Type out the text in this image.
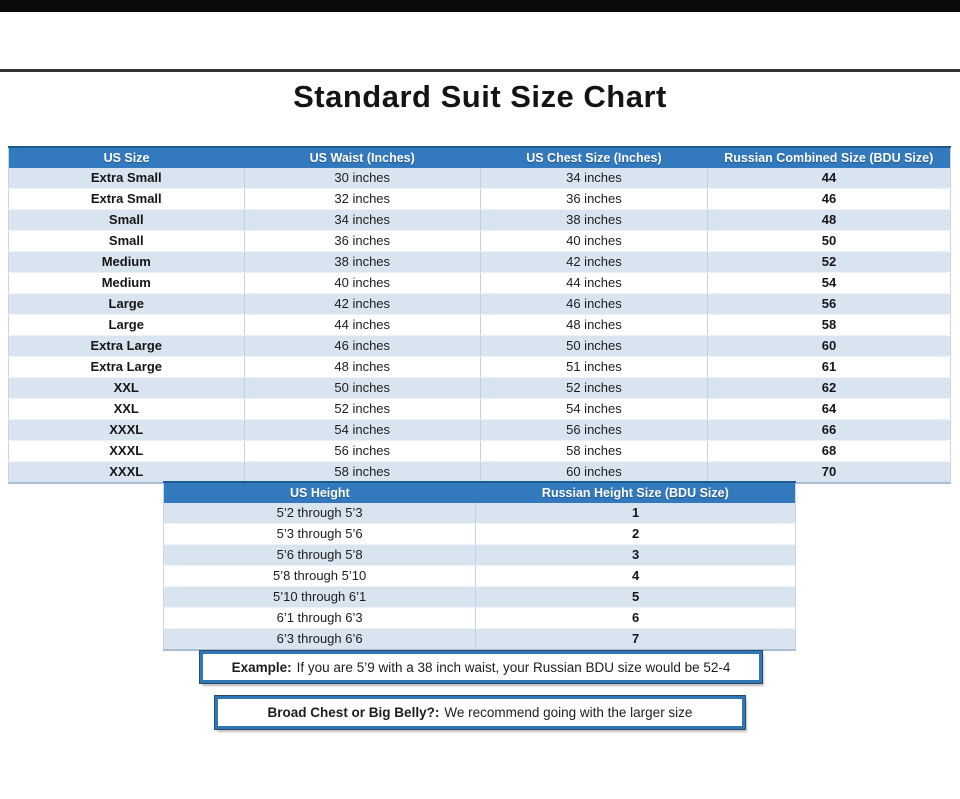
Standard Suit Size Chart
US Size	US Waist (Inches)	US Chest Size (Inches)	Russian Combined Size (BDU Size)
Extra Small	30 inches	34 inches	44
Extra Small	32 inches	36 inches	46
Small	34 inches	38 inches	48
Small	36 inches	40 inches	50
Medium	38 inches	42 inches	52
Medium	40 inches	44 inches	54
Large	42 inches	46 inches	56
Large	44 inches	48 inches	58
Extra Large	46 inches	50 inches	60
Extra Large	48 inches	51 inches	61
XXL	50 inches	52 inches	62
XXL	52 inches	54 inches	64
XXXL	54 inches	56 inches	66
XXXL	56 inches	58 inches	68
XXXL	58 inches	60 inches	70
US Height	Russian Height Size (BDU Size)
5’2 through 5’3	1
5’3 through 5’6	2
5’6 through 5’8	3
5’8 through 5’10	4
5’10 through 6’1	5
6’1 through 6’3	6
6’3 through 6’6	7
Example: If you are 5’9 with a 38 inch waist, your Russian BDU size would be 52-4
Broad Chest or Big Belly?: We recommend going with the larger size
